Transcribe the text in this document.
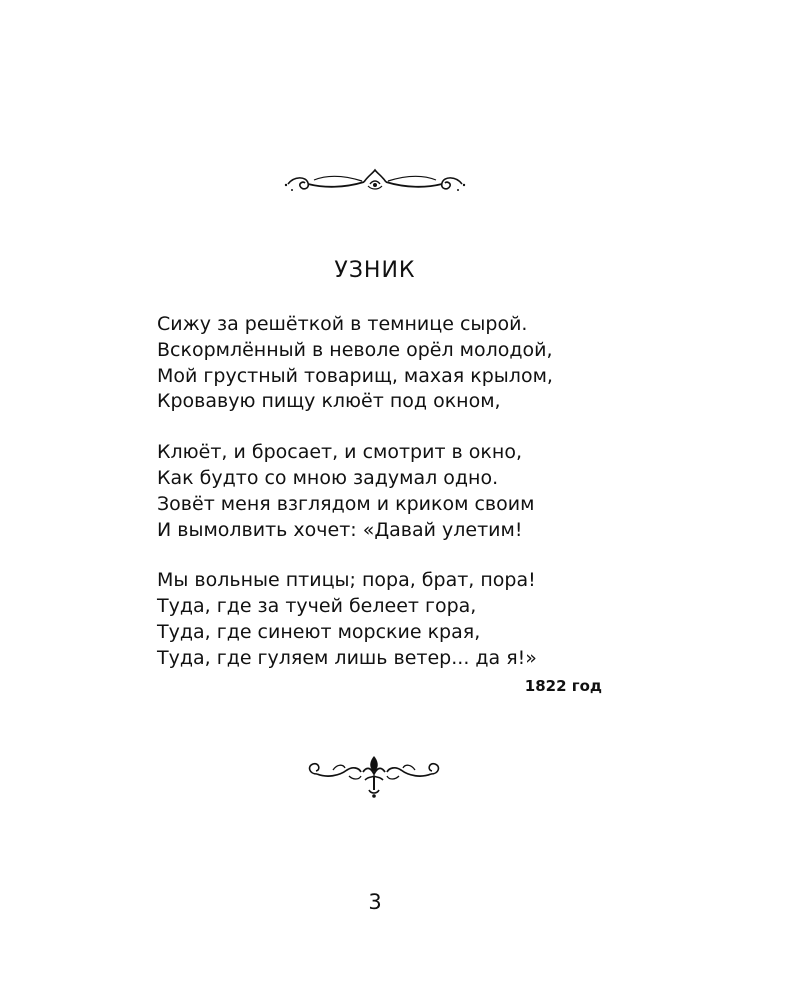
УЗНИК
Сижу за решёткой в темнице сырой.
Вскормлённый в неволе орёл молодой,
Мой грустный товарищ, махая крылом,
Кровавую пищу клюёт под окном,
Клюёт, и бросает, и смотрит в окно,
Как будто со мною задумал одно.
Зовёт меня взглядом и криком своим
И вымолвить хочет: «Давай улетим!
Мы вольные птицы; пора, брат, пора!
Туда, где за тучей белеет гора,
Туда, где синеют морские края,
Туда, где гуляем лишь ветер... да я!»
1822 год
3
